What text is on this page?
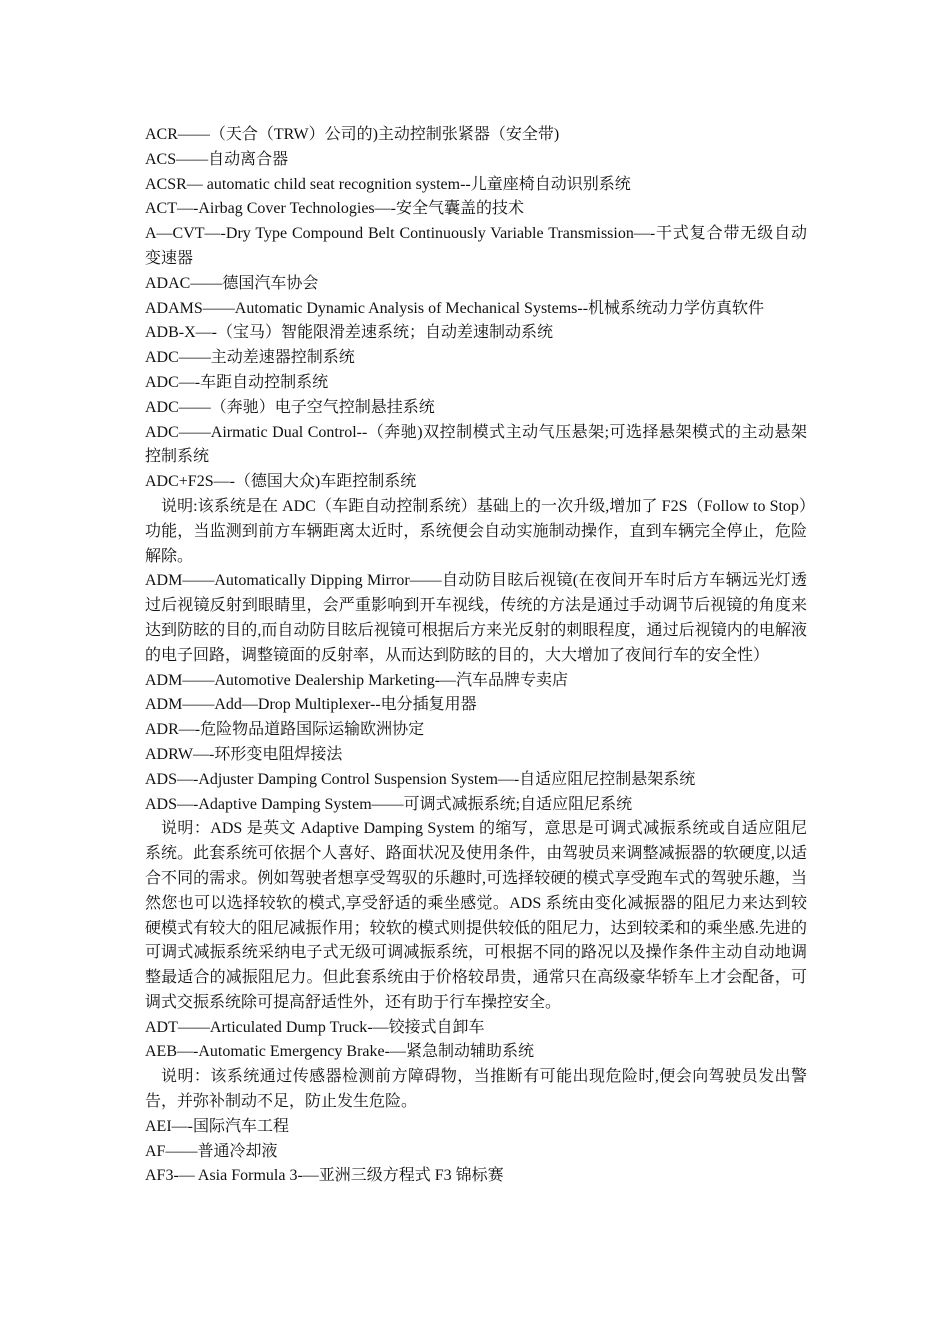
ACR——（天合（TRW）公司的)主动控制张紧器（安全带)

ACS——自动离合器

ACSR— automatic child seat recognition system--儿童座椅自动识别系统

ACT—-Airbag Cover Technologies—-安全气囊盖的技术

A—CVT—-Dry Type Compound Belt Continuously Variable Transmission—-干式复合带无级自动变速器

ADAC——德国汽车协会

ADAMS——Automatic Dynamic Analysis of Mechanical Systems--机械系统动力学仿真软件

ADB-X—-（宝马）智能限滑差速系统；自动差速制动系统

ADC——主动差速器控制系统

ADC—-车距自动控制系统

ADC——（奔驰）电子空气控制悬挂系统

ADC——Airmatic Dual Control--（奔驰)双控制模式主动气压悬架;可选择悬架模式的主动悬架控制系统

ADC+F2S—-（德国大众)车距控制系统

说明:该系统是在 ADC（车距自动控制系统）基础上的一次升级,增加了 F2S（Follow to Stop）功能，当监测到前方车辆距离太近时，系统便会自动实施制动操作，直到车辆完全停止，危险解除。

ADM——Automatically Dipping Mirror——自动防目眩后视镜(在夜间开车时后方车辆远光灯透过后视镜反射到眼睛里，会严重影响到开车视线，传统的方法是通过手动调节后视镜的角度来达到防眩的目的,而自动防目眩后视镜可根据后方来光反射的刺眼程度，通过后视镜内的电解液的电子回路，调整镜面的反射率，从而达到防眩的目的，大大增加了夜间行车的安全性）

ADM——Automotive Dealership Marketing-—汽车品牌专卖店

ADM——Add—Drop Multiplexer--电分插复用器

ADR—-危险物品道路国际运输欧洲协定

ADRW—-环形变电阻焊接法

ADS—-Adjuster Damping Control Suspension System—-自适应阻尼控制悬架系统

ADS—-Adaptive Damping System——可调式减振系统;自适应阻尼系统

说明：ADS 是英文 Adaptive Damping System 的缩写，意思是可调式减振系统或自适应阻尼系统。此套系统可依据个人喜好、路面状况及使用条件，由驾驶员来调整减振器的软硬度,以适合不同的需求。例如驾驶者想享受驾驭的乐趣时,可选择较硬的模式享受跑车式的驾驶乐趣，当然您也可以选择较软的模式,享受舒适的乘坐感觉。ADS 系统由变化减振器的阻尼力来达到较硬模式有较大的阻尼减振作用；较软的模式则提供较低的阻尼力，达到较柔和的乘坐感.先进的可调式减振系统采纳电子式无级可调减振系统，可根据不同的路况以及操作条件主动自动地调整最适合的减振阻尼力。但此套系统由于价格较昂贵，通常只在高级豪华轿车上才会配备，可调式交振系统除可提高舒适性外，还有助于行车操控安全。

ADT——Articulated Dump Truck-—铰接式自卸车

AEB—-Automatic Emergency Brake-—紧急制动辅助系统

说明：该系统通过传感器检测前方障碍物，当推断有可能出现危险时,便会向驾驶员发出警告，并弥补制动不足，防止发生危险。

AEI—-国际汽车工程

AF——普通冷却液

AF3-— Asia Formula 3-—亚洲三级方程式 F3 锦标赛
